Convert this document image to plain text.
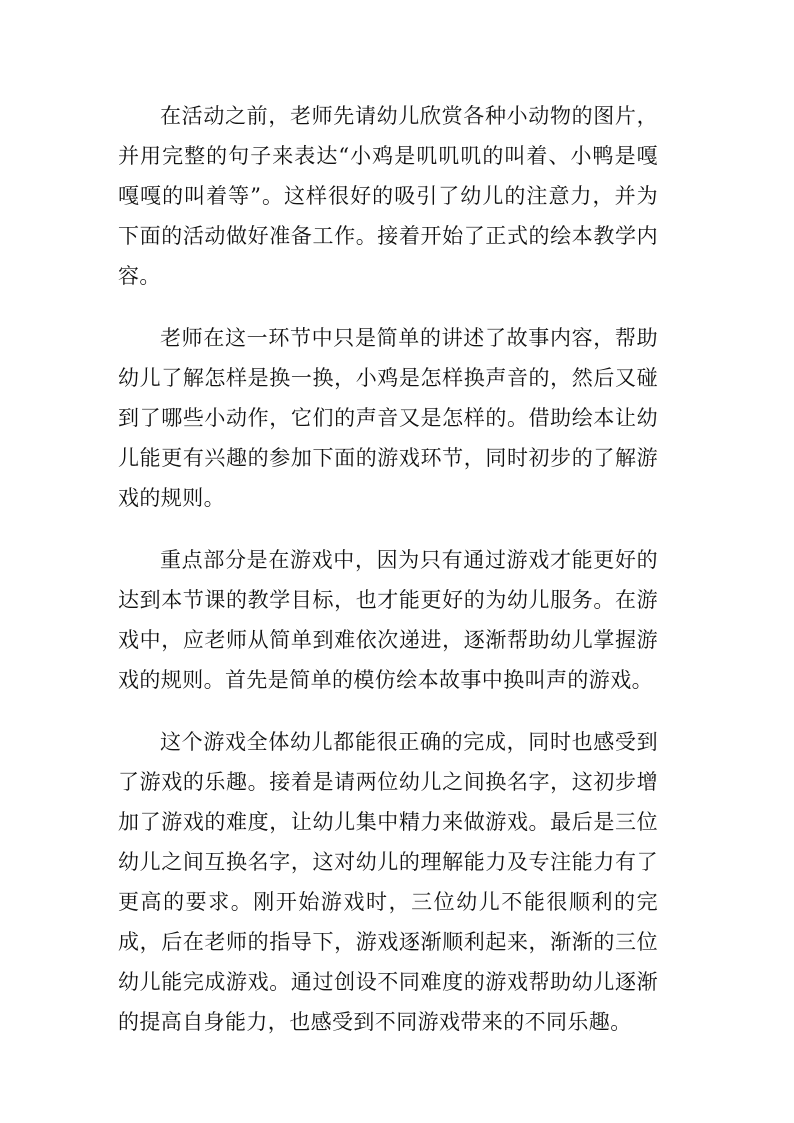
在活动之前，老师先请幼儿欣赏各种小动物的图片，并用完整的句子来表达“小鸡是叽叽叽的叫着、小鸭是嘎嘎嘎的叫着等”。这样很好的吸引了幼儿的注意力，并为下面的活动做好准备工作。接着开始了正式的绘本教学内容。

老师在这一环节中只是简单的讲述了故事内容，帮助幼儿了解怎样是换一换，小鸡是怎样换声音的，然后又碰到了哪些小动作，它们的声音又是怎样的。借助绘本让幼儿能更有兴趣的参加下面的游戏环节，同时初步的了解游戏的规则。

重点部分是在游戏中，因为只有通过游戏才能更好的达到本节课的教学目标，也才能更好的为幼儿服务。在游戏中，应老师从简单到难依次递进，逐渐帮助幼儿掌握游戏的规则。首先是简单的模仿绘本故事中换叫声的游戏。

这个游戏全体幼儿都能很正确的完成，同时也感受到了游戏的乐趣。接着是请两位幼儿之间换名字，这初步增加了游戏的难度，让幼儿集中精力来做游戏。最后是三位幼儿之间互换名字，这对幼儿的理解能力及专注能力有了更高的要求。刚开始游戏时，三位幼儿不能很顺利的完成，后在老师的指导下，游戏逐渐顺利起来，渐渐的三位幼儿能完成游戏。通过创设不同难度的游戏帮助幼儿逐渐的提高自身能力，也感受到不同游戏带来的不同乐趣。
